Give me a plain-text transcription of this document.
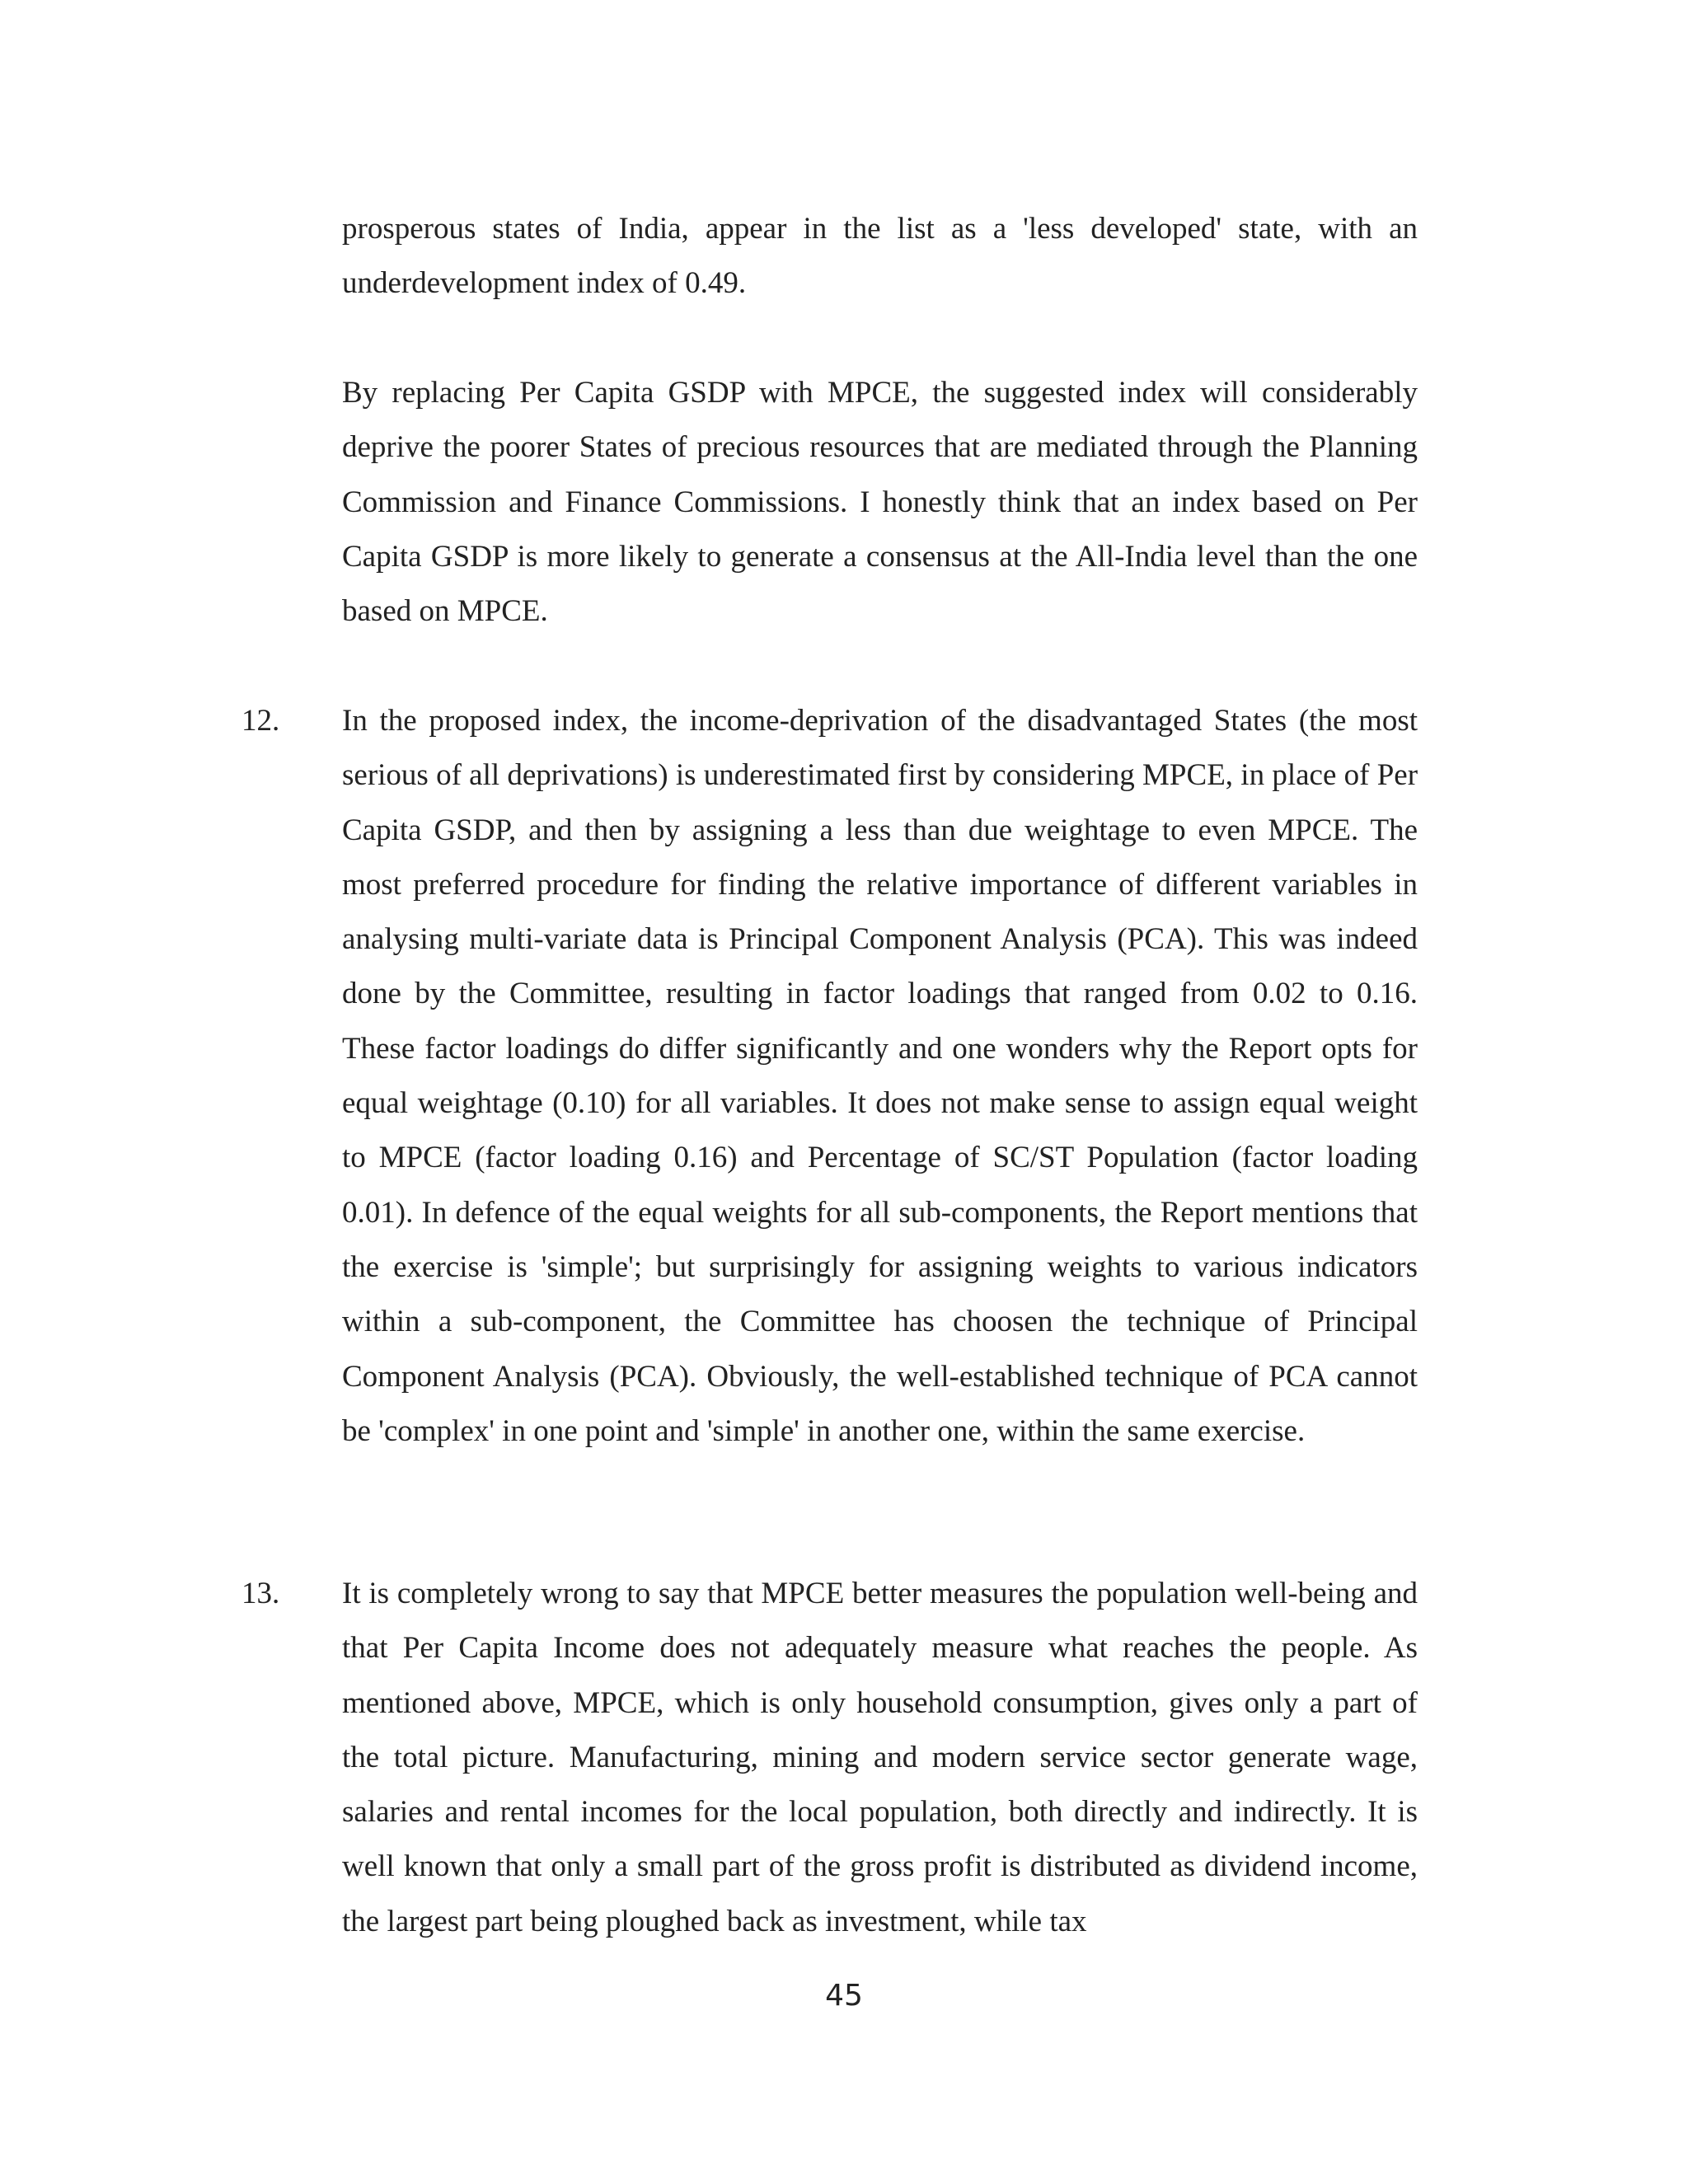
prosperous states of India, appear in the list as a 'less developed' state, with an underdevelopment index of 0.49.

By replacing Per Capita GSDP with MPCE, the suggested index will considerably deprive the poorer States of precious resources that are mediated through the Planning Commission and Finance Commissions. I honestly think that an index based on Per Capita GSDP is more likely to generate a consensus at the All-India level than the one based on MPCE.

12. In the proposed index, the income-deprivation of the disadvantaged States (the most serious of all deprivations) is underestimated first by considering MPCE, in place of Per Capita GSDP, and then by assigning a less than due weightage to even MPCE. The most preferred procedure for finding the relative importance of different variables in analysing multi-variate data is Principal Component Analysis (PCA). This was indeed done by the Committee, resulting in factor loadings that ranged from 0.02 to 0.16. These factor loadings do differ significantly and one wonders why the Report opts for equal weightage (0.10) for all variables. It does not make sense to assign equal weight to MPCE (factor loading 0.16) and Percentage of SC/ST Population (factor loading 0.01). In defence of the equal weights for all sub-components, the Report mentions that the exercise is 'simple'; but surprisingly for assigning weights to various indicators within a sub-component, the Committee has choosen the technique of Principal Component Analysis (PCA). Obviously, the well-established technique of PCA cannot be 'complex' in one point and 'simple' in another one, within the same exercise.

13. It is completely wrong to say that MPCE better measures the population well-being and that Per Capita Income does not adequately measure what reaches the people. As mentioned above, MPCE, which is only household consumption, gives only a part of the total picture. Manufacturing, mining and modern service sector generate wage, salaries and rental incomes for the local population, both directly and indirectly. It is well known that only a small part of the gross profit is distributed as dividend income, the largest part being ploughed back as investment, while tax

45
